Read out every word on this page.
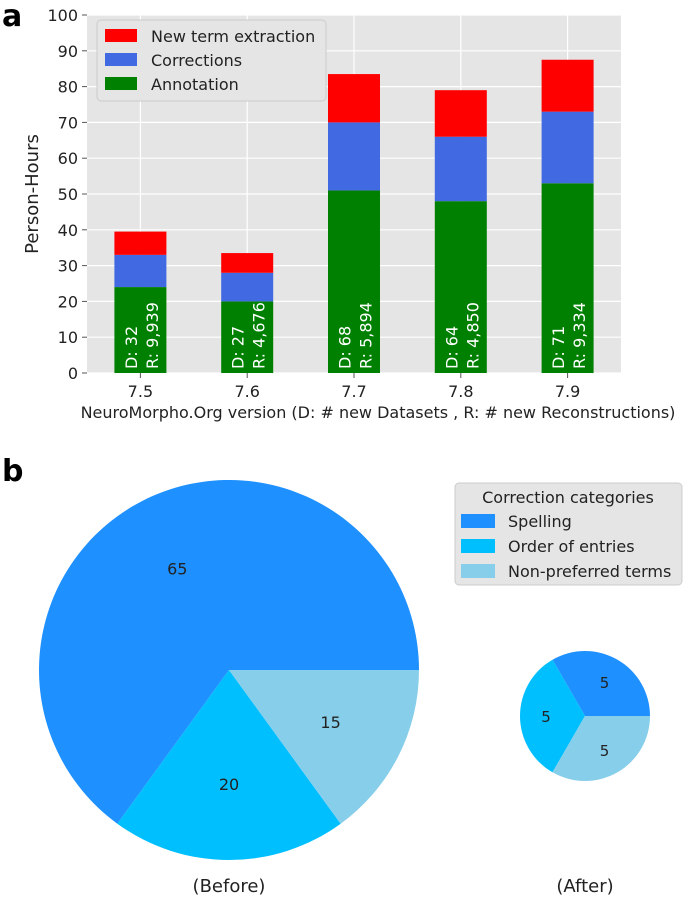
a
0
10
20
30
40
50
60
70
80
90
100
7.5	7.6	7.7	7.8	7.9
D: 32 R: 9,939	D: 27 R: 4,676	D: 68 R: 5,894	D: 64 R: 4,850	D: 71 R: 9,334
NeuroMorpho.Org version (D: # new Datasets , R: # new Reconstructions)
Person-Hours
New term extraction
Corrections
Annotation
b
65
20
15
(Before)
5
5
5
(After)
Correction categories
Spelling
Order of entries
Non-preferred terms
